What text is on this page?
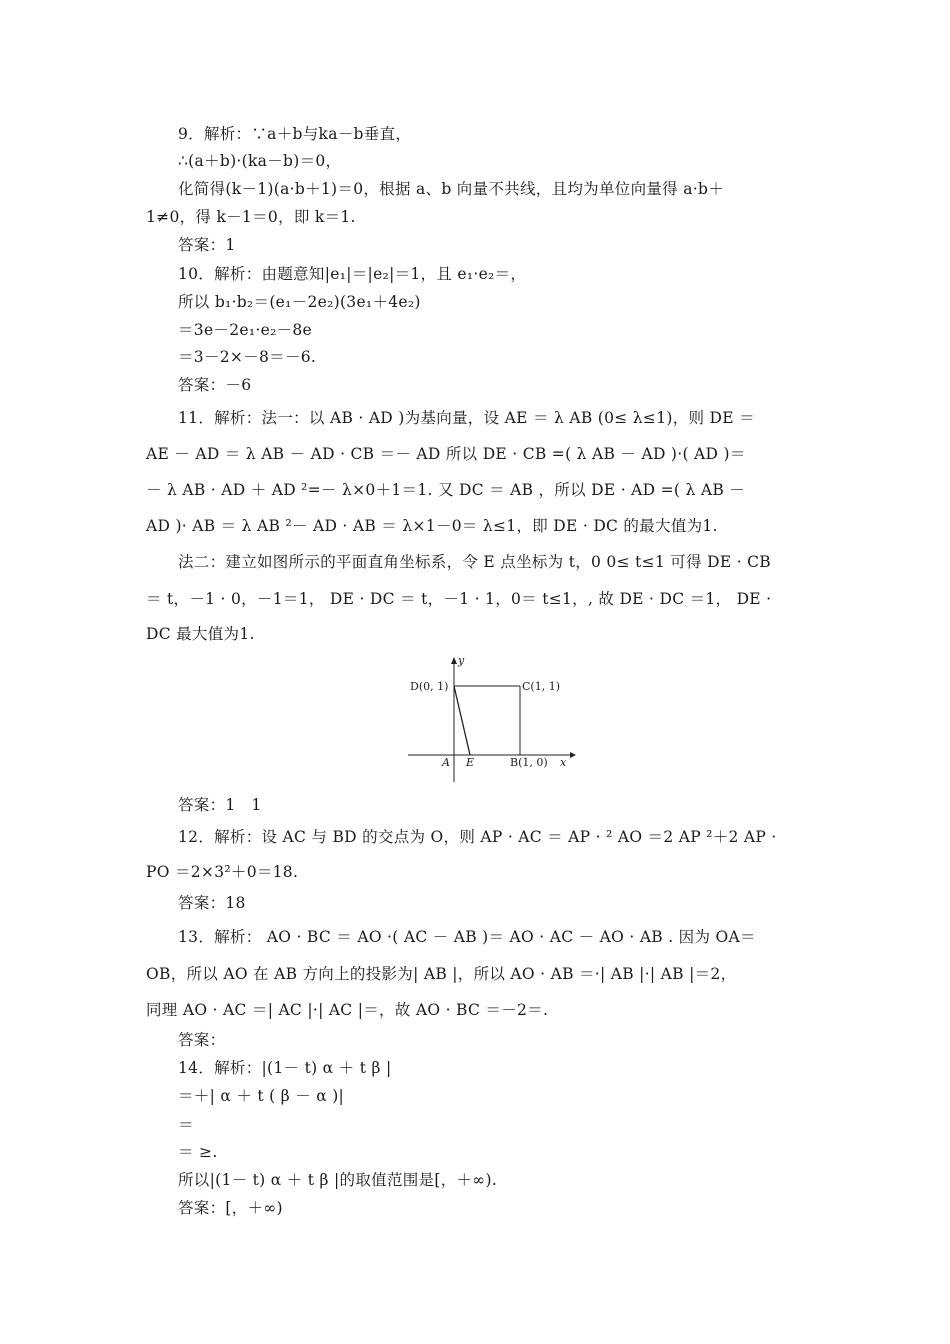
9．解析：∵a＋b与ka－b垂直，
∴(a＋b)·(ka－b)＝0，
化简得(k－1)(a·b＋1)＝0，根据 a、b 向量不共线，且均为单位向量得 a·b＋
1≠0，得 k－1＝0，即 k＝1.
答案：1
10．解析：由题意知|e₁|＝|e₂|＝1，且 e₁·e₂＝，
所以 b₁·b₂＝(e₁－2e₂)(3e₁＋4e₂)
＝3e－2e₁·e₂－8e
＝3－2×－8＝－6.
答案：－6
11．解析：法一：以 AB · AD )为基向量，设 AE ＝ λ AB (0≤ λ≤1)，则 DE ＝
AE － AD ＝ λ AB － AD · CB ＝－ AD 所以 DE · CB =( λ AB － AD )·( AD )＝
－ λ AB · AD ＋ AD ²=－ λ×0＋1＝1. 又 DC ＝ AB ，所以 DE · AD =( λ AB －
AD )· AB ＝ λ AB ²－ AD · AB ＝ λ×1－0＝ λ≤1，即 DE · DC 的最大值为1.
法二：建立如图所示的平面直角坐标系，令 E 点坐标为 t，0 0≤ t≤1 可得 DE · CB
＝ t，－1 · 0，－1＝1， DE · DC ＝ t，－1 · 1，0＝ t≤1，, 故 DE · DC ＝1， DE ·
DC 最大值为1.
y
D(0, 1)	C(1, 1)
A E	B(1, 0) x
答案：1　1
12．解析：设 AC 与 BD 的交点为 O，则 AP · AC ＝ AP · ² AO ＝2 AP ²＋2 AP ·
PO ＝2×3²＋0＝18.
答案：18
13．解析： AO · BC ＝ AO ·( AC － AB )＝ AO · AC － AO · AB . 因为 OA＝
OB，所以 AO 在 AB 方向上的投影为| AB |，所以 AO · AB ＝·| AB |·| AB |＝2，
同理 AO · AC ＝| AC |·| AC |＝，故 AO · BC ＝－2＝.
答案：
14．解析：|(1－ t) α ＋ t β |
＝＋| α ＋ t ( β － α )|
＝
＝ ≥.
所以|(1－ t) α ＋ t β |的取值范围是[，＋∞).
答案：[，＋∞)
